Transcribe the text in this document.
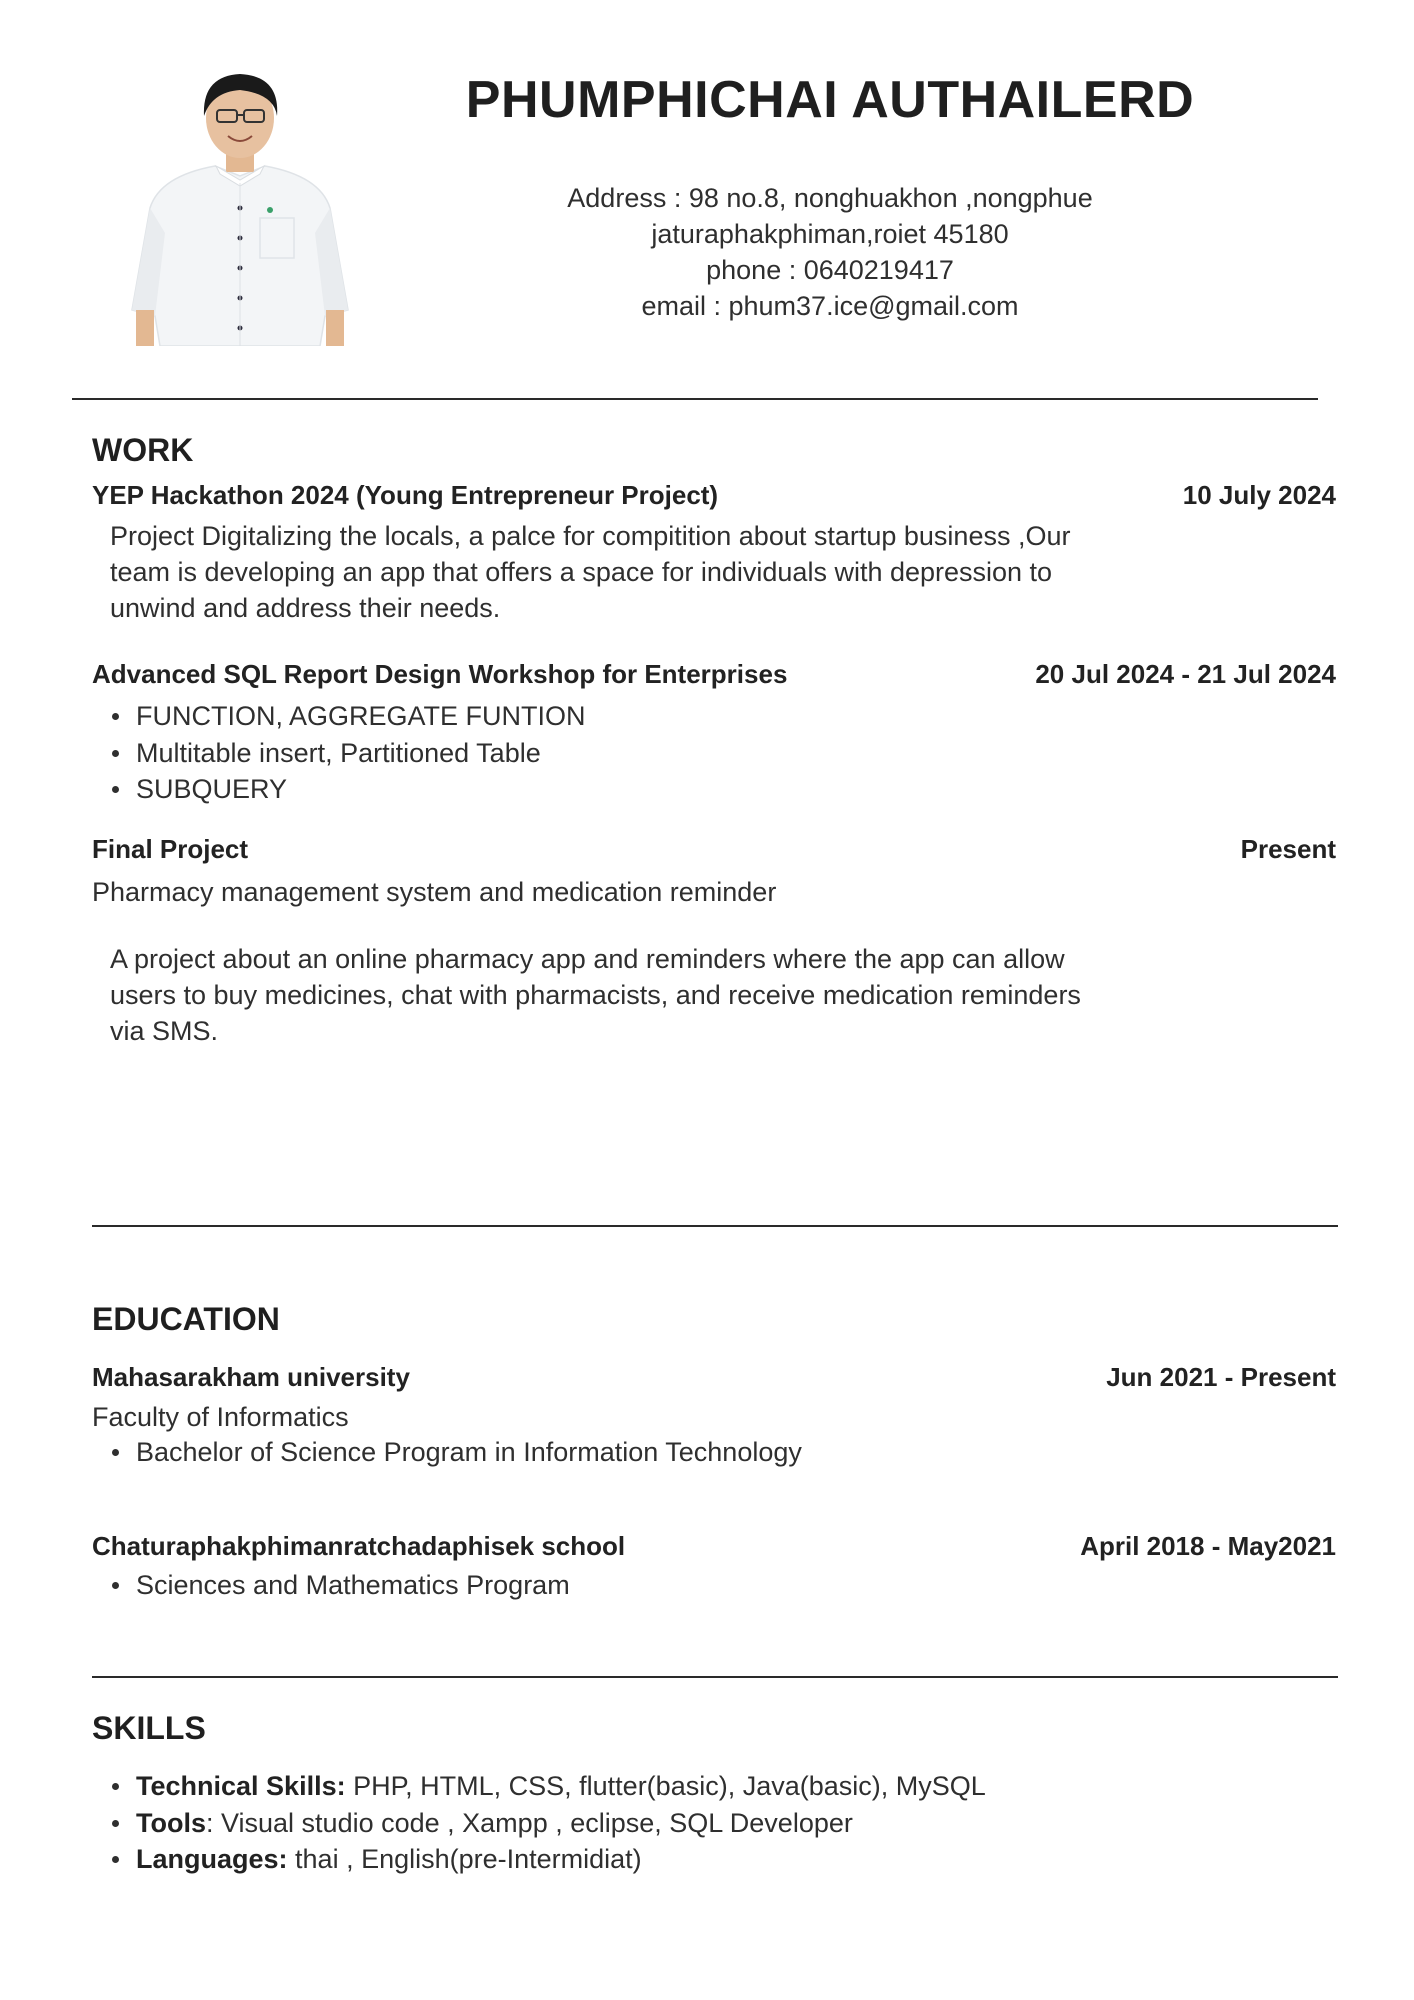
PHUMPHICHAI AUTHAILERD
Address : 98 no.8, nonghuakhon ,nongphue
jaturaphakphiman,roiet 45180
phone : 0640219417
email : phum37.ice@gmail.com
WORK
YEP Hackathon 2024 (Young Entrepreneur Project)	10 July 2024
Project Digitalizing the locals, a palce for compitition about startup business ,Our
team is developing an app that offers a space for individuals with depression to
unwind and address their needs.
Advanced SQL Report Design Workshop for Enterprises	20 Jul 2024 - 21 Jul 2024
FUNCTION, AGGREGATE FUNTION
Multitable insert, Partitioned Table
SUBQUERY
Final Project	Present
Pharmacy management system and medication reminder
A project about an online pharmacy app and reminders where the app can allow
users to buy medicines, chat with pharmacists, and receive medication reminders
via SMS.
EDUCATION
Mahasarakham university	Jun 2021 - Present
Faculty of Informatics
Bachelor of Science Program in Information Technology
Chaturaphakphimanratchadaphisek school	April 2018 - May2021
Sciences and Mathematics Program
SKILLS
Technical Skills: PHP, HTML, CSS, flutter(basic), Java(basic), MySQL
Tools: Visual studio code , Xampp , eclipse, SQL Developer
Languages: thai , English(pre-Intermidiat)
